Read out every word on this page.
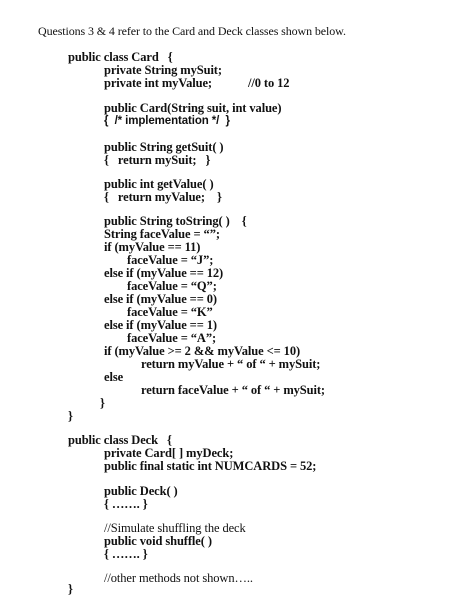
Questions 3 & 4 refer to the Card and Deck classes shown below.
public class Card   {
private String mySuit;
private int myValue;	//0 to 12
public Card(String suit, int value)
{  /* implementation */  }
public String getSuit( )
{   return mySuit;   }
public int getValue( )
{   return myValue;    }
public String toString( )    {
String faceValue = “”;
if (myValue == 11)
faceValue = “J”;
else if (myValue == 12)
faceValue = “Q”;
else if (myValue == 0)
faceValue = “K”
else if (myValue == 1)
faceValue = “A”;
if (myValue >= 2 && myValue <= 10)
return myValue + “ of “ + mySuit;
else
return faceValue + “ of “ + mySuit;
}
}
public class Deck   {
private Card[ ] myDeck;
public final static int NUMCARDS = 52;
public Deck( )
{ ……. }
//Simulate shuffling the deck
public void shuffle( )
{ ……. }
//other methods not shown…..
}
